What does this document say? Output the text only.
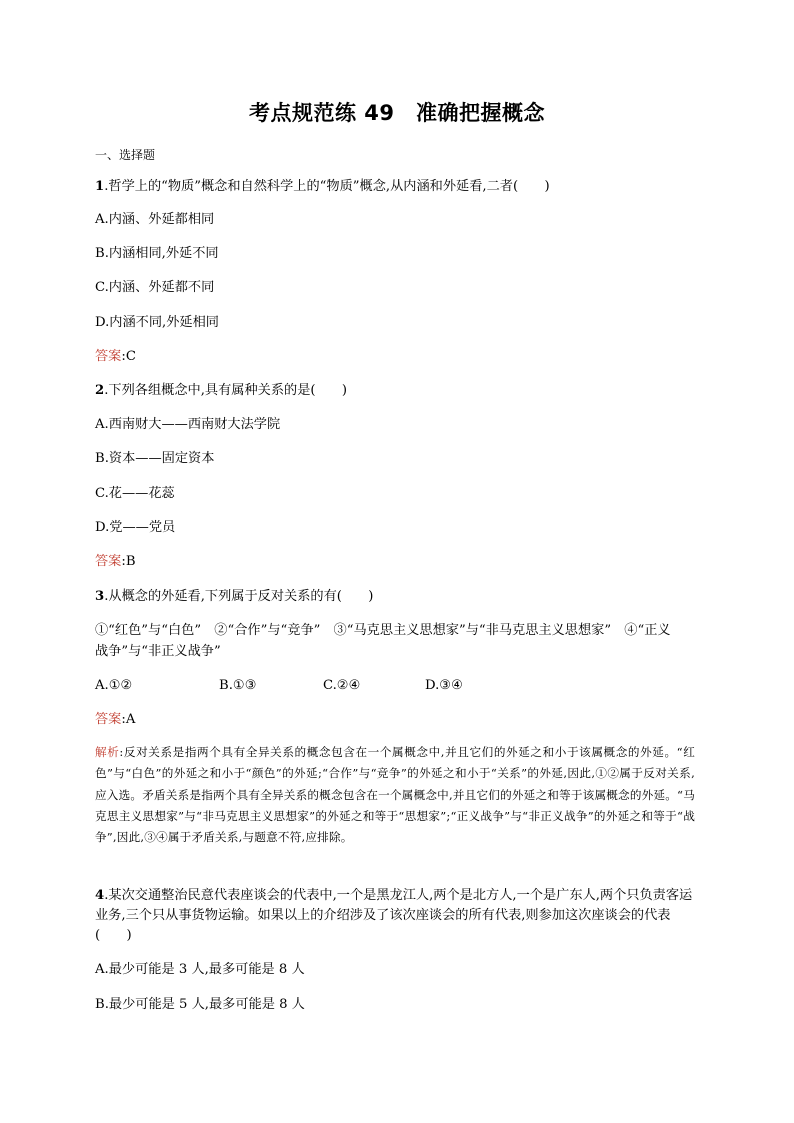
考点规范练 49　准确把握概念
一、选择题
1.哲学上的“物质”概念和自然科学上的“物质”概念,从内涵和外延看,二者(　　)
A.内涵、外延都相同
B.内涵相同,外延不同
C.内涵、外延都不同
D.内涵不同,外延相同
答案:C
2.下列各组概念中,具有属种关系的是(　　)
A.西南财大——西南财大法学院
B.资本——固定资本
C.花——花蕊
D.党——党员
答案:B
3.从概念的外延看,下列属于反对关系的有(　　)
①“红色”与“白色”　②“合作”与“竞争”　③“马克思主义思想家”与“非马克思主义思想家”　④“正义
战争”与“非正义战争”
A.①②	B.①③	C.②④	D.③④
答案:A
解析:反对关系是指两个具有全异关系的概念包含在一个属概念中,并且它们的外延之和小于该属概念的外延。“红色”与“白色”的外延之和小于“颜色”的外延;“合作”与“竞争”的外延之和小于“关系”的外延,因此,①②属于反对关系,应入选。矛盾关系是指两个具有全异关系的概念包含在一个属概念中,并且它们的外延之和等于该属概念的外延。“马克思主义思想家”与“非马克思主义思想家”的外延之和等于“思想家”;“正义战争”与“非正义战争”的外延之和等于“战争”,因此,③④属于矛盾关系,与题意不符,应排除。
4.某次交通整治民意代表座谈会的代表中,一个是黑龙江人,两个是北方人,一个是广东人,两个只负责客运业务,三个只从事货物运输。如果以上的介绍涉及了该次座谈会的所有代表,则参加这次座谈会的代表(　　)
A.最少可能是 3 人,最多可能是 8 人
B.最少可能是 5 人,最多可能是 8 人
